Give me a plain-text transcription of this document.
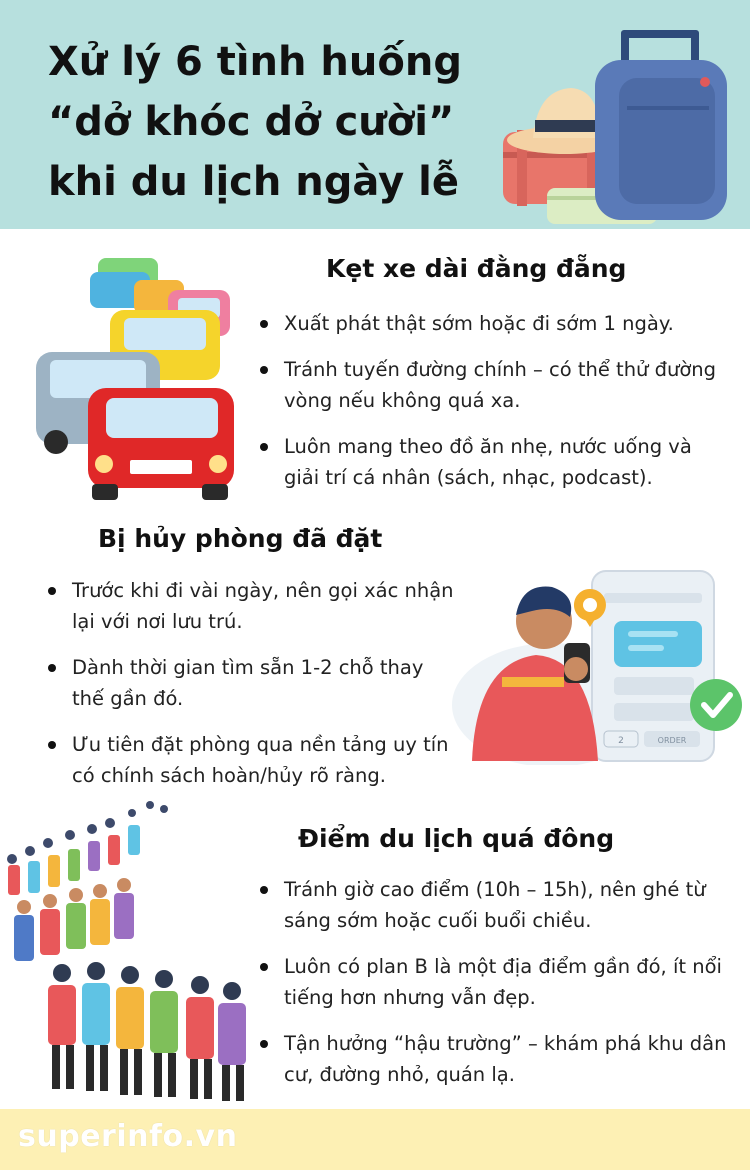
Xử lý 6 tình huống
“dở khóc dở cười”
khi du lịch ngày lễ
Kẹt xe dài đằng đẵng
Xuất phát thật sớm hoặc đi sớm 1 ngày.
Tránh tuyến đường chính – có thể thử đường vòng nếu không quá xa.
Luôn mang theo đồ ăn nhẹ, nước uống và giải trí cá nhân (sách, nhạc, podcast).
Bị hủy phòng đã đặt
Trước khi đi vài ngày, nên gọi xác nhận lại với nơi lưu trú.
Dành thời gian tìm sẵn 1-2 chỗ thay thế gần đó.
Ưu tiên đặt phòng qua nền tảng uy tín có chính sách hoàn/hủy rõ ràng.
2	ORDER
Điểm du lịch quá đông
Tránh giờ cao điểm (10h – 15h), nên ghé từ sáng sớm hoặc cuối buổi chiều.
Luôn có plan B là một địa điểm gần đó, ít nổi tiếng hơn nhưng vẫn đẹp.
Tận hưởng “hậu trường” – khám phá khu dân cư, đường nhỏ, quán lạ.
superinfo.vn
